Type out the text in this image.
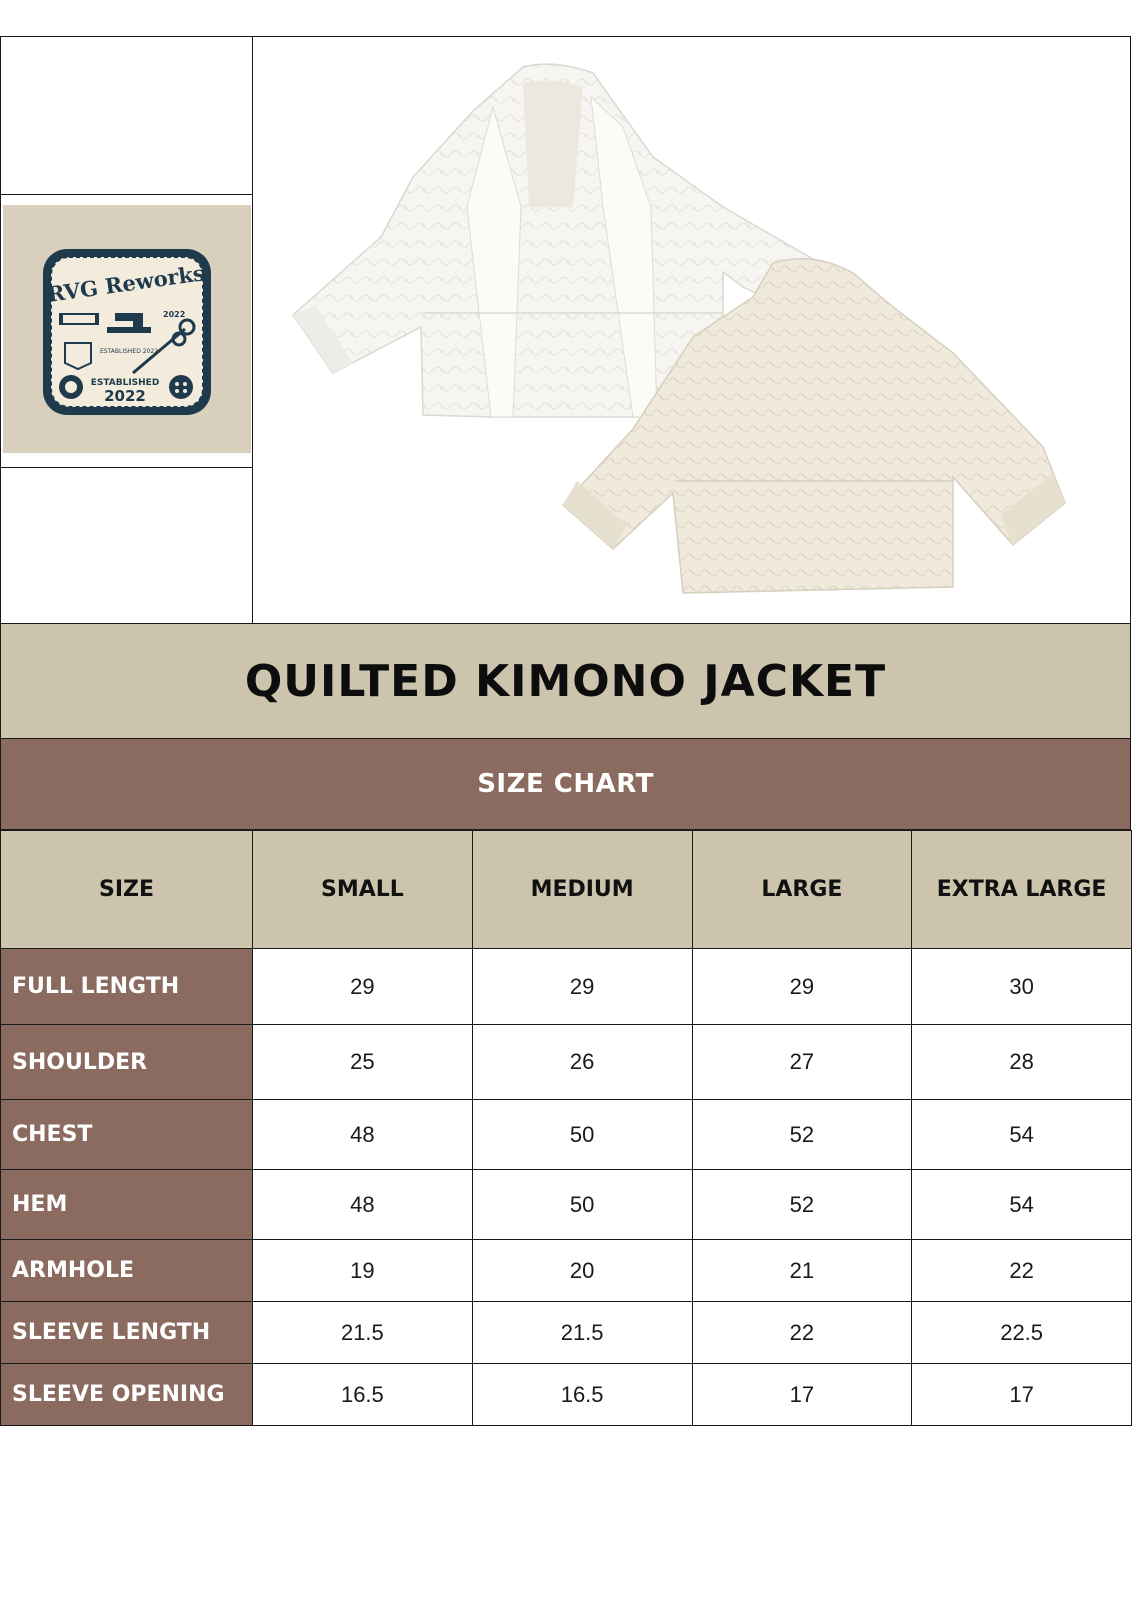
RVG Reworks
2022
ESTABLISHED 2022
ESTABLISHED
2022
QUILTED KIMONO JACKET
SIZE CHART
SIZE	SMALL	MEDIUM	LARGE	EXTRA LARGE
FULL LENGTH	29	29	29	30
SHOULDER	25	26	27	28
CHEST	48	50	52	54
HEM	48	50	52	54
ARMHOLE	19	20	21	22
SLEEVE LENGTH	21.5	21.5	22	22.5
SLEEVE OPENING	16.5	16.5	17	17
